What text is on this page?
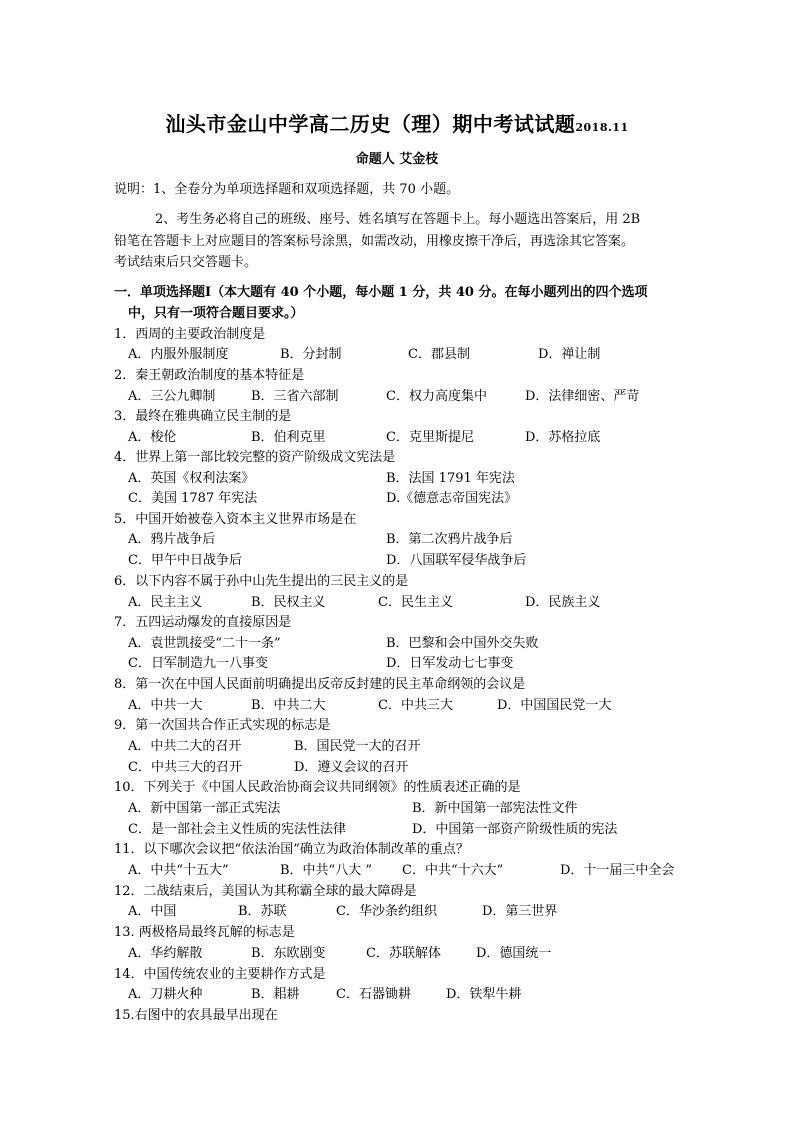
汕头市金山中学高二历史（理）期中考试试题2018.11
命题人 艾金枝
说明：1、全卷分为单项选择题和双项选择题，共 70 小题。
2、考生务必将自己的班级、座号、姓名填写在答题卡上。每小题选出答案后，用 2B
铅笔在答题卡上对应题目的答案标号涂黑，如需改动，用橡皮擦干净后，再选涂其它答案。
考试结束后只交答题卡。
一．单项选择题Ⅰ（本大题有 40 个小题，每小题 1 分，共 40 分。在每小题列出的四个选项
中，只有一项符合题目要求。）
1．西周的主要政治制度是
A．内服外服制度	B．分封制	C．郡县制	D．禅让制
2．秦王朝政治制度的基本特征是
A．三公九卿制	B．三省六部制	C．权力高度集中	D．法律细密、严苛
3．最终在雅典确立民主制的是
A．梭伦	B．伯利克里	C．克里斯提尼	D．苏格拉底
4．世界上第一部比较完整的资产阶级成文宪法是
A．英国《权利法案》	B．法国 1791 年宪法
C．美国 1787 年宪法	D.《德意志帝国宪法》
5．中国开始被卷入资本主义世界市场是在
A．鸦片战争后	B．第二次鸦片战争后
C．甲午中日战争后	D．八国联军侵华战争后
6．以下内容不属于孙中山先生提出的三民主义的是
A．民主主义	B．民权主义	C．民生主义	D．民族主义
7．五四运动爆发的直接原因是
A．袁世凯接受“二十一条”	B．巴黎和会中国外交失败
C．日军制造九一八事变	D．日军发动七七事变
8．第一次在中国人民面前明确提出反帝反封建的民主革命纲领的会议是
A．中共一大	B．中共二大	C．中共三大	D．中国国民党一大
9．第一次国共合作正式实现的标志是
A．中共二大的召开	B．国民党一大的召开
C．中共三大的召开	D．遵义会议的召开
10．下列关于《中国人民政治协商会议共同纲领》的性质表述正确的是
A．新中国第一部正式宪法	B．新中国第一部宪法性文件
C．是一部社会主义性质的宪法性法律	D．中国第一部资产阶级性质的宪法
11．以下哪次会议把“依法治国”确立为政治体制改革的重点？
A．中共“十五大”	B．中共“八大 ” C．中共“十六大”	D．十一届三中全会
12．二战结束后，美国认为其称霸全球的最大障碍是
A．中国	B．苏联	C．华沙条约组织	D．第三世界
13. 两极格局最终瓦解的标志是
A．华约解散	B．东欧剧变	C．苏联解体	D．德国统一
14．中国传统农业的主要耕作方式是
A．刀耕火种	B．耜耕	C．石器锄耕	D．铁犁牛耕
15.右图中的农具最早出现在
